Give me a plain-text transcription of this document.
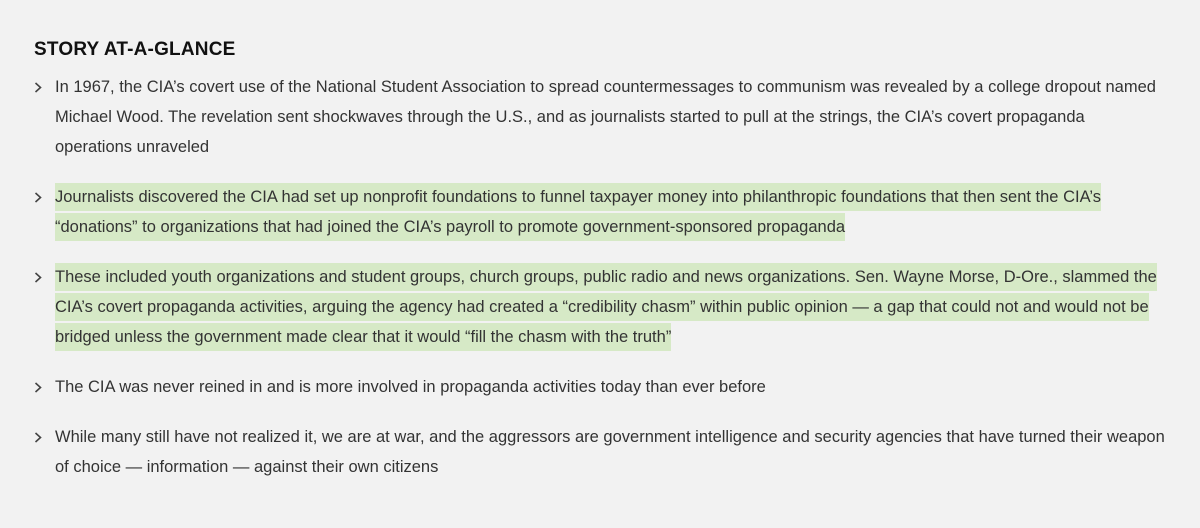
STORY AT-A-GLANCE
In 1967, the CIA’s covert use of the National Student Association to spread countermessages to communism was revealed by a college dropout named Michael Wood. The revelation sent shockwaves through the U.S., and as journalists started to pull at the strings, the CIA’s covert propaganda operations unraveled
Journalists discovered the CIA had set up nonprofit foundations to funnel taxpayer money into philanthropic foundations that then sent the CIA’s “donations” to organizations that had joined the CIA’s payroll to promote government-sponsored propaganda
These included youth organizations and student groups, church groups, public radio and news organizations. Sen. Wayne Morse, D-Ore., slammed the CIA’s covert propaganda activities, arguing the agency had created a “credibility chasm” within public opinion — a gap that could not and would not be bridged unless the government made clear that it would “fill the chasm with the truth”
The CIA was never reined in and is more involved in propaganda activities today than ever before
While many still have not realized it, we are at war, and the aggressors are government intelligence and security agencies that have turned their weapon of choice — information — against their own citizens
